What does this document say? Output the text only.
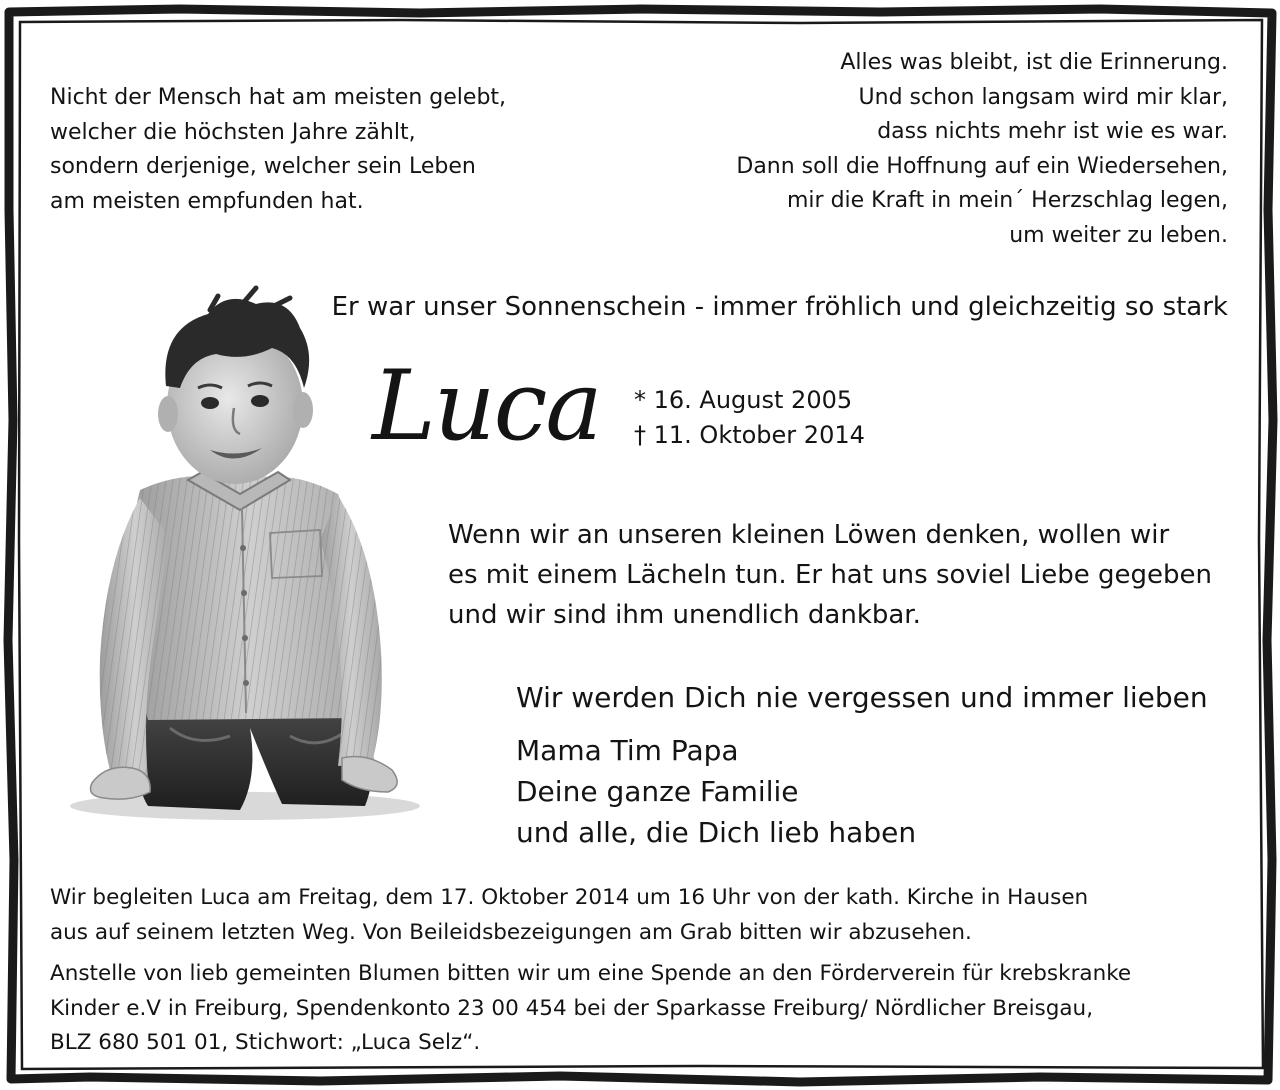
Nicht der Mensch hat am meisten gelebt,
welcher die höchsten Jahre zählt,
sondern derjenige, welcher sein Leben
am meisten empfunden hat.

Alles was bleibt, ist die Erinnerung.
Und schon langsam wird mir klar,
dass nichts mehr ist wie es war.
Dann soll die Hoffnung auf ein Wiedersehen,
mir die Kraft in mein´ Herzschlag legen,
um weiter zu leben.

Er war unser Sonnenschein - immer fröhlich und gleichzeitig so stark

Luca * 16. August 2005
† 11. Oktober 2014

Wenn wir an unseren kleinen Löwen denken, wollen wir
es mit einem Lächeln tun. Er hat uns soviel Liebe gegeben
und wir sind ihm unendlich dankbar.

Wir werden Dich nie vergessen und immer lieben
Mama Tim Papa
Deine ganze Familie
und alle, die Dich lieb haben

Wir begleiten Luca am Freitag, dem 17. Oktober 2014 um 16 Uhr von der kath. Kirche in Hausen
aus auf seinem letzten Weg. Von Beileidsbezeigungen am Grab bitten wir abzusehen.

Anstelle von lieb gemeinten Blumen bitten wir um eine Spende an den Förderverein für krebskranke
Kinder e.V in Freiburg, Spendenkonto 23 00 454 bei der Sparkasse Freiburg/ Nördlicher Breisgau,
BLZ 680 501 01, Stichwort: „Luca Selz“.
